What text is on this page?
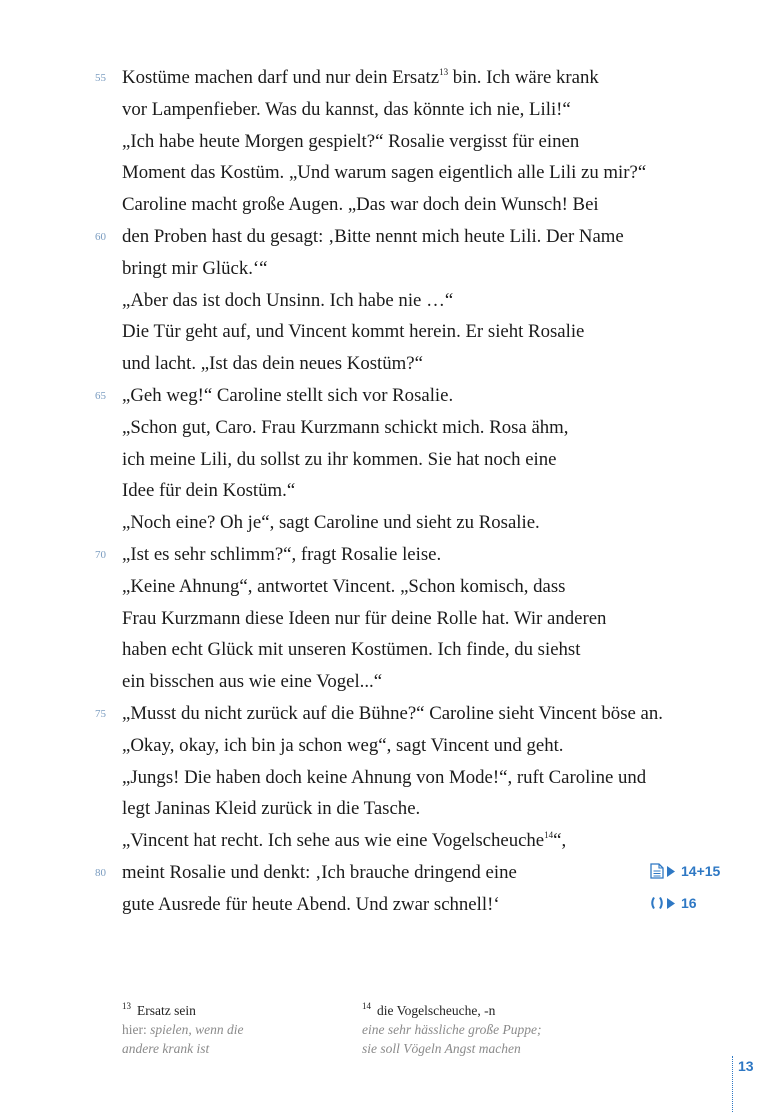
55 Kostüme machen darf und nur dein Ersatz$^{13}$ bin. Ich wäre krank
vor Lampenfieber. Was du kannst, das könnte ich nie, Lili!“
„Ich habe heute Morgen gespielt?“ Rosalie vergisst für einen
Moment das Kostüm. „Und warum sagen eigentlich alle Lili zu mir?“
Caroline macht große Augen. „Das war doch dein Wunsch! Bei
60 den Proben hast du gesagt: ‚Bitte nennt mich heute Lili. Der Name
bringt mir Glück.‘“
„Aber das ist doch Unsinn. Ich habe nie …“
Die Tür geht auf, und Vincent kommt herein. Er sieht Rosalie
und lacht. „Ist das dein neues Kostüm?“
65 „Geh weg!“ Caroline stellt sich vor Rosalie.
„Schon gut, Caro. Frau Kurzmann schickt mich. Rosa ähm,
ich meine Lili, du sollst zu ihr kommen. Sie hat noch eine
Idee für dein Kostüm.“
„Noch eine? Oh je“, sagt Caroline und sieht zu Rosalie.
70 „Ist es sehr schlimm?“, fragt Rosalie leise.
„Keine Ahnung“, antwortet Vincent. „Schon komisch, dass
Frau Kurzmann diese Ideen nur für deine Rolle hat. Wir anderen
haben echt Glück mit unseren Kostümen. Ich finde, du siehst
ein bisschen aus wie eine Vogel...“
75 „Musst du nicht zurück auf die Bühne?“ Caroline sieht Vincent böse an.
„Okay, okay, ich bin ja schon weg“, sagt Vincent und geht.
„Jungs! Die haben doch keine Ahnung von Mode!“, ruft Caroline und
legt Janinas Kleid zurück in die Tasche.
„Vincent hat recht. Ich sehe aus wie eine Vogelscheuche$^{14}$“,
80 meint Rosalie und denkt: ‚Ich brauche dringend eine
gute Ausrede für heute Abend. Und zwar schnell!‘
14+15
16
$^{13}$ Ersatz sein
hier: spielen, wenn die
andere krank ist
$^{14}$ die Vogelscheuche, -n
eine sehr hässliche große Puppe;
sie soll Vögeln Angst machen
13
